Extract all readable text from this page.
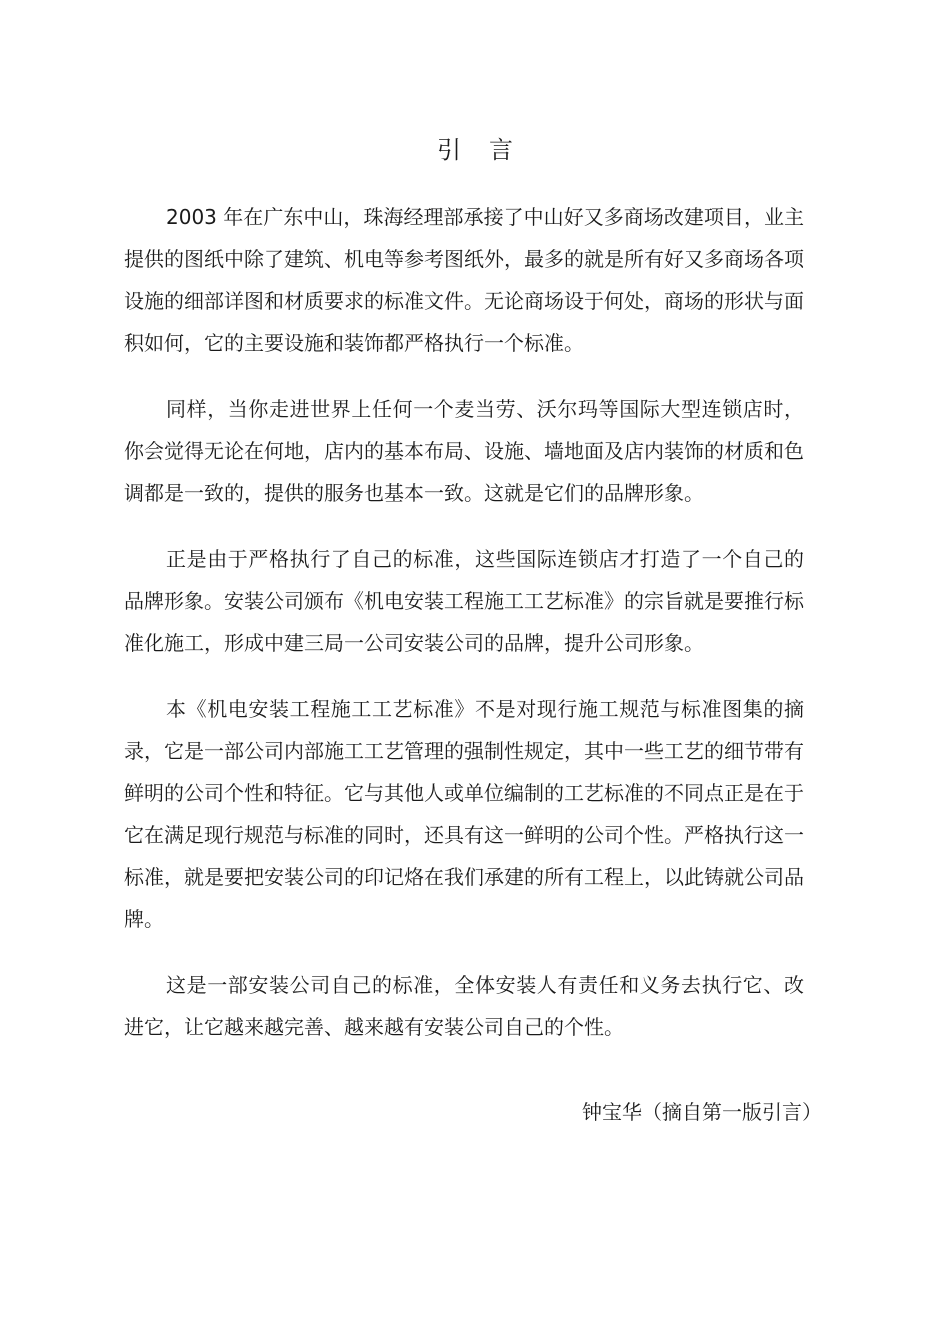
引言

2003 年在广东中山，珠海经理部承接了中山好又多商场改建项目，业主提供的图纸中除了建筑、机电等参考图纸外，最多的就是所有好又多商场各项设施的细部详图和材质要求的标准文件。无论商场设于何处，商场的形状与面积如何，它的主要设施和装饰都严格执行一个标准。

同样，当你走进世界上任何一个麦当劳、沃尔玛等国际大型连锁店时，你会觉得无论在何地，店内的基本布局、设施、墙地面及店内装饰的材质和色调都是一致的，提供的服务也基本一致。这就是它们的品牌形象。

正是由于严格执行了自己的标准，这些国际连锁店才打造了一个自己的品牌形象。安装公司颁布《机电安装工程施工工艺标准》的宗旨就是要推行标准化施工，形成中建三局一公司安装公司的品牌，提升公司形象。

本《机电安装工程施工工艺标准》不是对现行施工规范与标准图集的摘录，它是一部公司内部施工工艺管理的强制性规定，其中一些工艺的细节带有鲜明的公司个性和特征。它与其他人或单位编制的工艺标准的不同点正是在于它在满足现行规范与标准的同时，还具有这一鲜明的公司个性。严格执行这一标准，就是要把安装公司的印记烙在我们承建的所有工程上，以此铸就公司品牌。

这是一部安装公司自己的标准，全体安装人有责任和义务去执行它、改进它，让它越来越完善、越来越有安装公司自己的个性。

钟宝华（摘自第一版引言）
